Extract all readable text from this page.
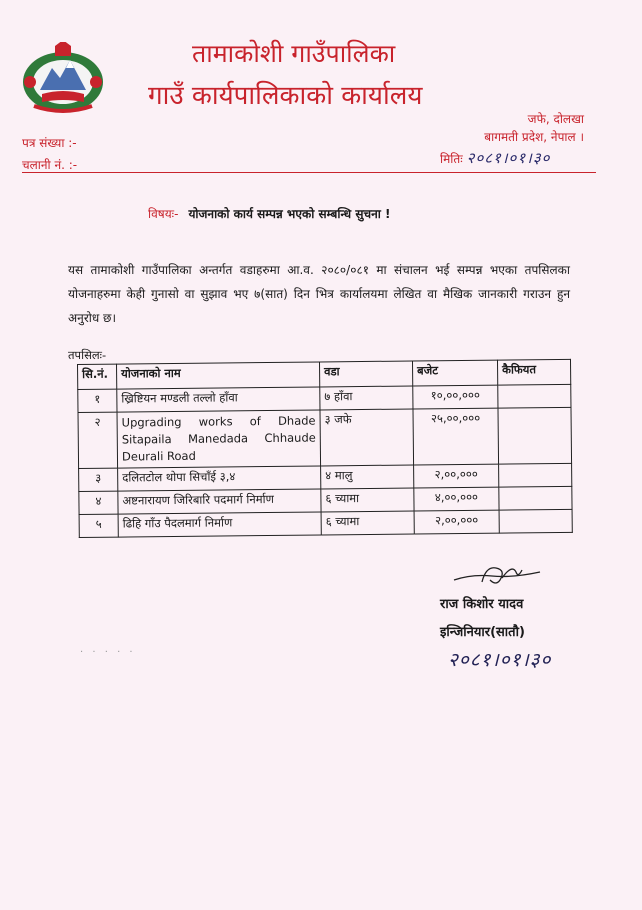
तामाकोशी गाउँपालिका
गाउँ कार्यपालिकाको कार्यालय
जफे, दोलखा
बागमती प्रदेश, नेपाल ।
पत्र संख्या :-
चलानी नं. :-	मितिः २०८१।०१।३०
विषयः- योजनाको कार्य सम्पन्न भएको सम्बन्धि सुचना !
यस तामाकोशी गाउँपालिका अन्तर्गत वडाहरुमा आ.व. २०८०/०८१ मा संचालन भई सम्पन्न भएका तपसिलका योजनाहरुमा केही गुनासो वा सुझाव भए ७(सात) दिन भित्र कार्यालयमा लेखित वा मैखिक जानकारी गराउन हुन अनुरोध छ।
तपसिलः-
सि.नं.	योजनाको नाम	वडा	बजेट	कैफियत
१	ख्रिष्टियन मण्डली तल्लो हाँवा	७ हाँवा	१०,००,०००	
२	Upgrading works of Dhade Sitapaila Manedada Chhaude Deurali Road	३ जफे	२५,००,०००	
३	दलितटोल थोपा सिचाँई ३,४	४ मालु	२,००,०००	
४	अष्टनारायण जिरिबारि पदमार्ग निर्माण	६ च्यामा	४,००,०००	
५	ढिहि गाँउ पैदलमार्ग निर्माण	६ च्यामा	२,००,०००	
राज किशोर यादव
इन्जिनियार(सातौ)
२०८१।०१।३०
. . . . .
